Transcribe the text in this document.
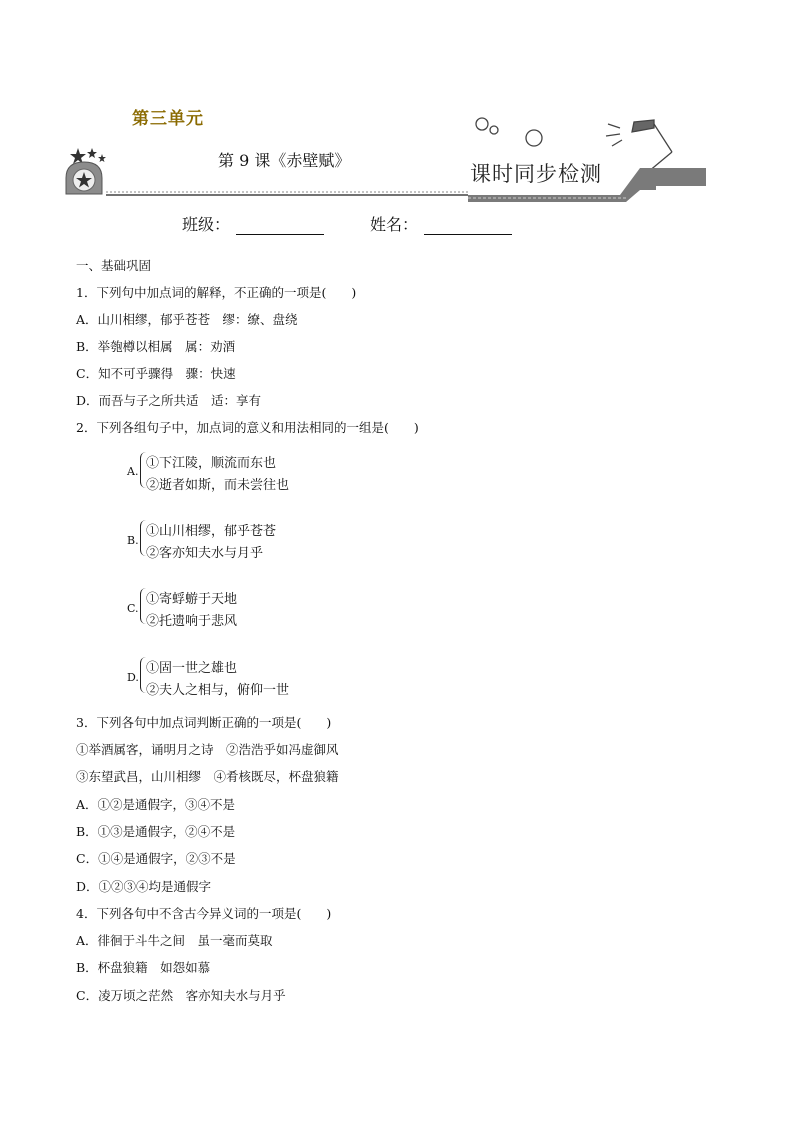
第三单元
第 9 课《赤壁赋》
课时同步检测
班级：	姓名：
一、基础巩固
1．下列句中加点词的解释，不正确的一项是(　　)
A．山川相缪，郁乎苍苍　缪：缭、盘绕
B．举匏樽以相属　属：劝酒
C．知不可乎骤得　骤：快速
D．而吾与子之所共适　适：享有
2．下列各组句子中，加点词的意义和用法相同的一组是(　　)
A.
①下江陵，顺流而东也
②逝者如斯，而未尝往也
B.
①山川相缪，郁乎苍苍
②客亦知夫水与月乎
C.
①寄蜉蝣于天地
②托遗响于悲风
D.
①固一世之雄也
②夫人之相与，俯仰一世
3．下列各句中加点词判断正确的一项是(　　)
①举酒属客，诵明月之诗　②浩浩乎如冯虚御风
③东望武昌，山川相缪　④肴核既尽，杯盘狼籍
A．①②是通假字，③④不是
B．①③是通假字，②④不是
C．①④是通假字，②③不是
D．①②③④均是通假字
4．下列各句中不含古今异义词的一项是(　　)
A．徘徊于斗牛之间　虽一毫而莫取
B．杯盘狼籍　如怨如慕
C．凌万顷之茫然　客亦知夫水与月乎
